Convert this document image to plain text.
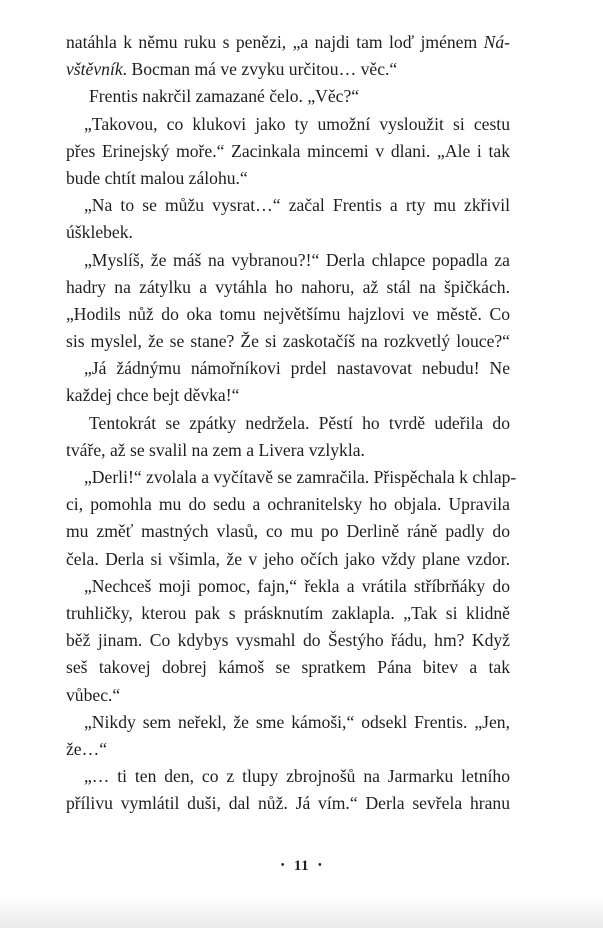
natáhla k němu ruku s penězi, „a najdi tam loď jménem Ná-
vštěvník. Bocman má ve zvyku určitou… věc.“
Frentis nakrčil zamazané čelo. „Věc?“
„Takovou, co klukovi jako ty umožní vysloužit si cestu
přes Erinejský moře.“ Zacinkala mincemi v dlani. „Ale i tak
bude chtít malou zálohu.“
„Na to se můžu vysrat…“ začal Frentis a rty mu zkřivil
úšklebek.
„Myslíš, že máš na vybranou?!“ Derla chlapce popadla za
hadry na zátylku a vytáhla ho nahoru, až stál na špičkách.
„Hodils nůž do oka tomu největšímu hajzlovi ve městě. Co
sis myslel, že se stane? Že si zaskotačíš na rozkvetlý louce?“
„Já žádnýmu námořníkovi prdel nastavovat nebudu! Ne
každej chce bejt děvka!“
Tentokrát se zpátky nedržela. Pěstí ho tvrdě udeřila do
tváře, až se svalil na zem a Livera vzlykla.
„Derli!“ zvolala a vyčítavě se zamračila. Přispěchala k chlap-
ci, pomohla mu do sedu a ochranitelsky ho objala. Upravila
mu změť mastných vlasů, co mu po Derlině ráně padly do
čela. Derla si všimla, že v jeho očích jako vždy plane vzdor.
„Nechceš moji pomoc, fajn,“ řekla a vrátila stříbrňáky do
truhličky, kterou pak s prásknutím zaklapla. „Tak si klidně
běž jinam. Co kdybys vysmahl do Šestýho řádu, hm? Když
seš takovej dobrej kámoš se spratkem Pána bitev a tak
vůbec.“
„Nikdy sem neřekl, že sme kámoši,“ odsekl Frentis. „Jen,
že…“
„… ti ten den, co z tlupy zbrojnošů na Jarmarku letního
přílivu vymlátil duši, dal nůž. Já vím.“ Derla sevřela hranu
• 11 •
